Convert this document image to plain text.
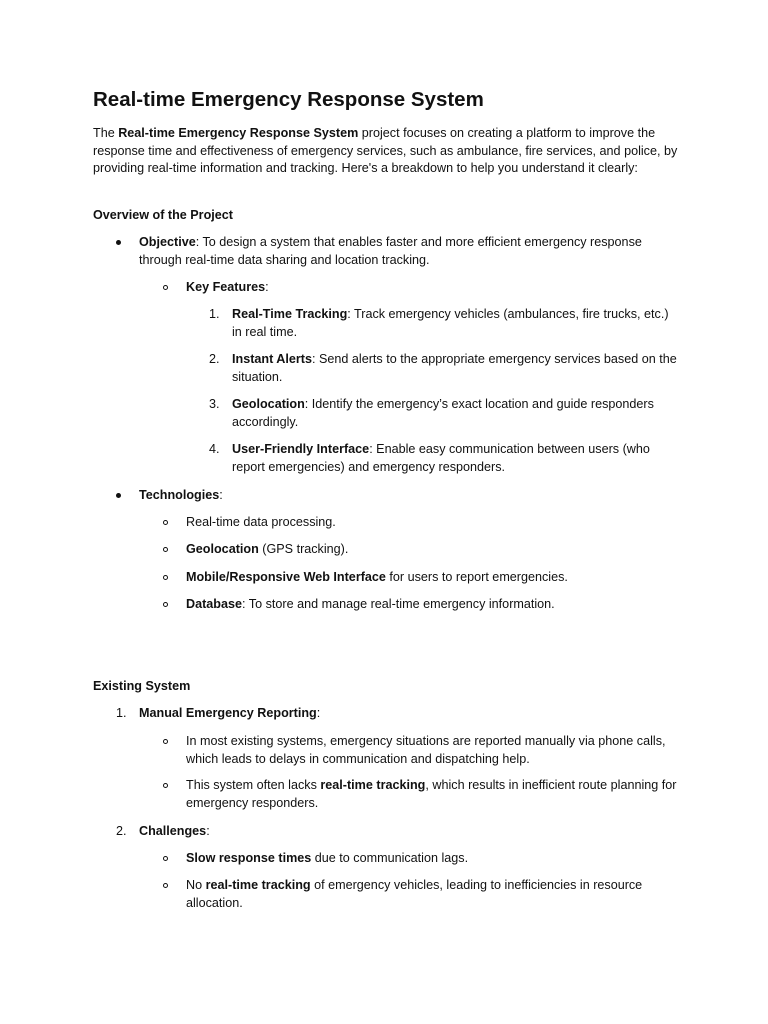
Real-time Emergency Response System

The Real-time Emergency Response System project focuses on creating a platform to improve the response time and effectiveness of emergency services, such as ambulance, fire services, and police, by providing real-time information and tracking. Here's a breakdown to help you understand it clearly:

Overview of the Project

Objective: To design a system that enables faster and more efficient emergency response through real-time data sharing and location tracking.

Key Features:

1. Real-Time Tracking: Track emergency vehicles (ambulances, fire trucks, etc.) in real time.

2. Instant Alerts: Send alerts to the appropriate emergency services based on the situation.

3. Geolocation: Identify the emergency’s exact location and guide responders accordingly.

4. User-Friendly Interface: Enable easy communication between users (who report emergencies) and emergency responders.

Technologies:

Real-time data processing.

Geolocation (GPS tracking).

Mobile/Responsive Web Interface for users to report emergencies.

Database: To store and manage real-time emergency information.

Existing System

1. Manual Emergency Reporting:

In most existing systems, emergency situations are reported manually via phone calls, which leads to delays in communication and dispatching help.

This system often lacks real-time tracking, which results in inefficient route planning for emergency responders.

2. Challenges:

Slow response times due to communication lags.

No real-time tracking of emergency vehicles, leading to inefficiencies in resource allocation.
